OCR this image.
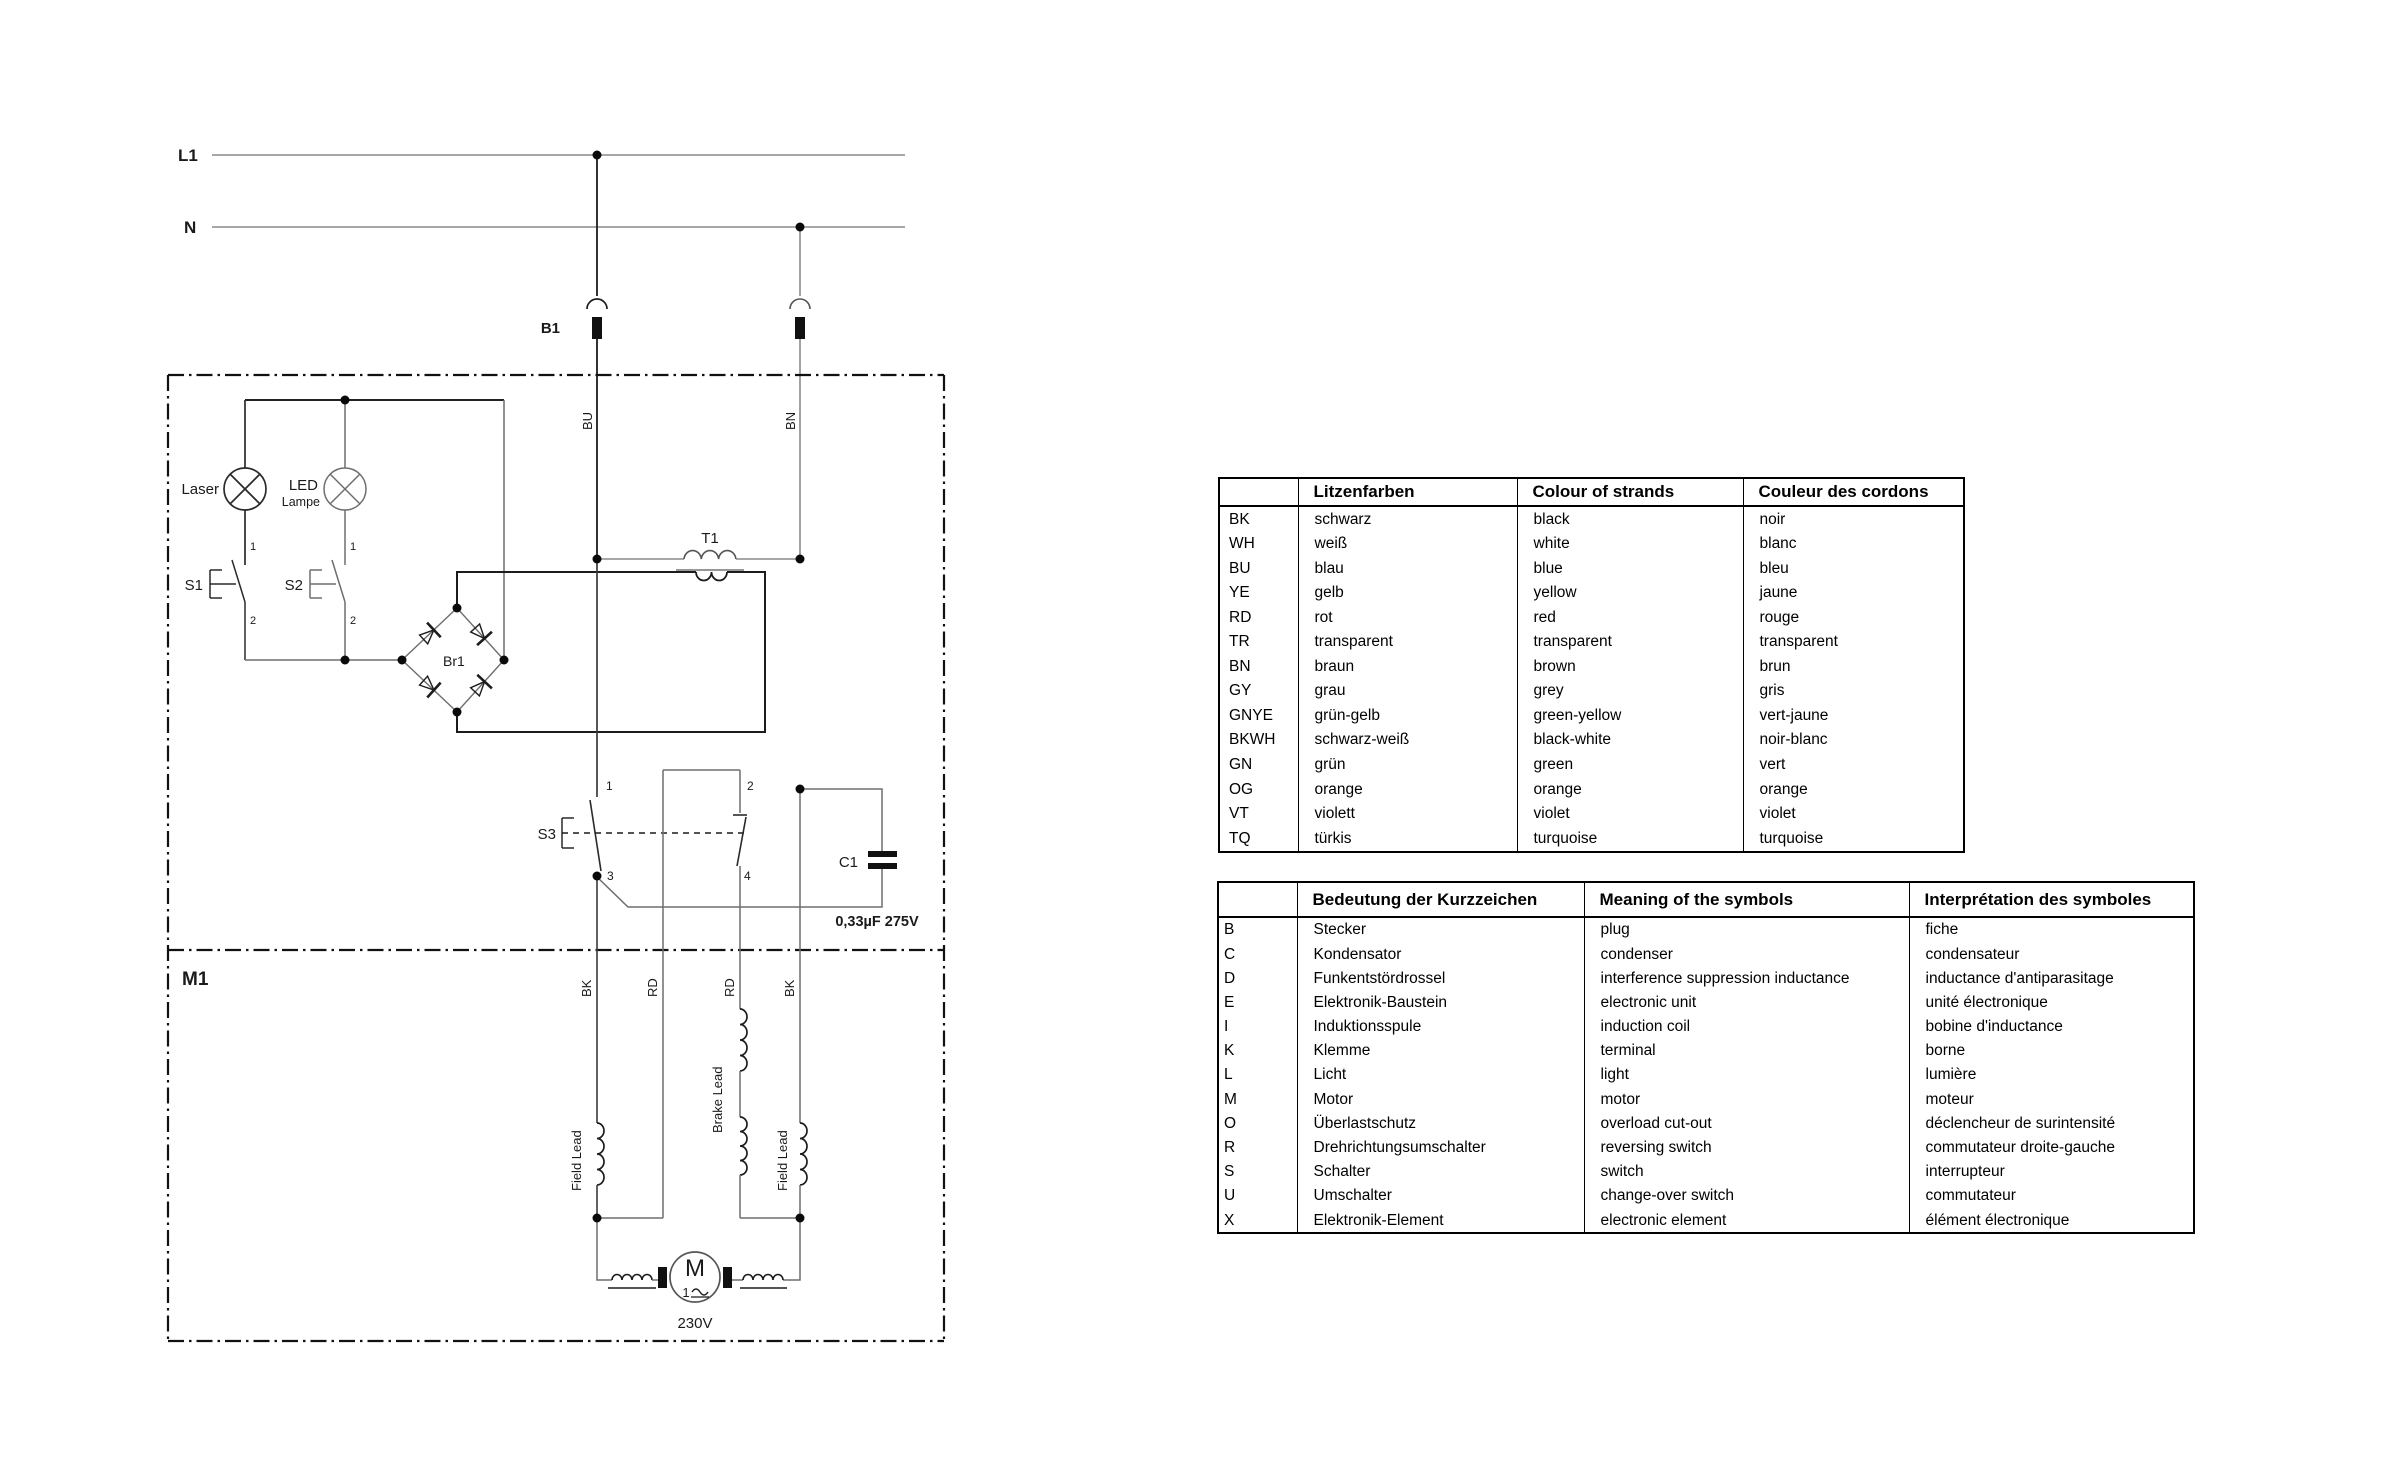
L1
N
B1
BU	BN
M1
Laser	LED
Lampe
S1	S2
1
2
1
2
Br1
T1
S3
1	2
3	4
C1
0,33µF 275V
M
1
230V
BK	RD	RD	BK
Field Lead
Brake Lead
Field Lead
	Litzenfarben	Colour of strands	Couleur des cordons
BK	schwarz	black	noir
WH	weiß	white	blanc
BU	blau	blue	bleu
YE	gelb	yellow	jaune
RD	rot	red	rouge
TR	transparent	transparent	transparent
BN	braun	brown	brun
GY	grau	grey	gris
GNYE	grün-gelb	green-yellow	vert-jaune
BKWH	schwarz-weiß	black-white	noir-blanc
GN	grün	green	vert
OG	orange	orange	orange
VT	violett	violet	violet
TQ	türkis	turquoise	turquoise
	Bedeutung der Kurzzeichen	Meaning of the symbols	Interprétation des symboles
B	Stecker	plug	fiche
C	Kondensator	condenser	condensateur
D	Funkentstördrossel	interference suppression inductance	inductance d'antiparasitage
E	Elektronik-Baustein	electronic unit	unité électronique
I	Induktionsspule	induction coil	bobine d'inductance
K	Klemme	terminal	borne
L	Licht	light	lumière
M	Motor	motor	moteur
O	Überlastschutz	overload cut-out	déclencheur de surintensité
R	Drehrichtungsumschalter	reversing switch	commutateur droite-gauche
S	Schalter	switch	interrupteur
U	Umschalter	change-over switch	commutateur
X	Elektronik-Element	electronic element	élément électronique
